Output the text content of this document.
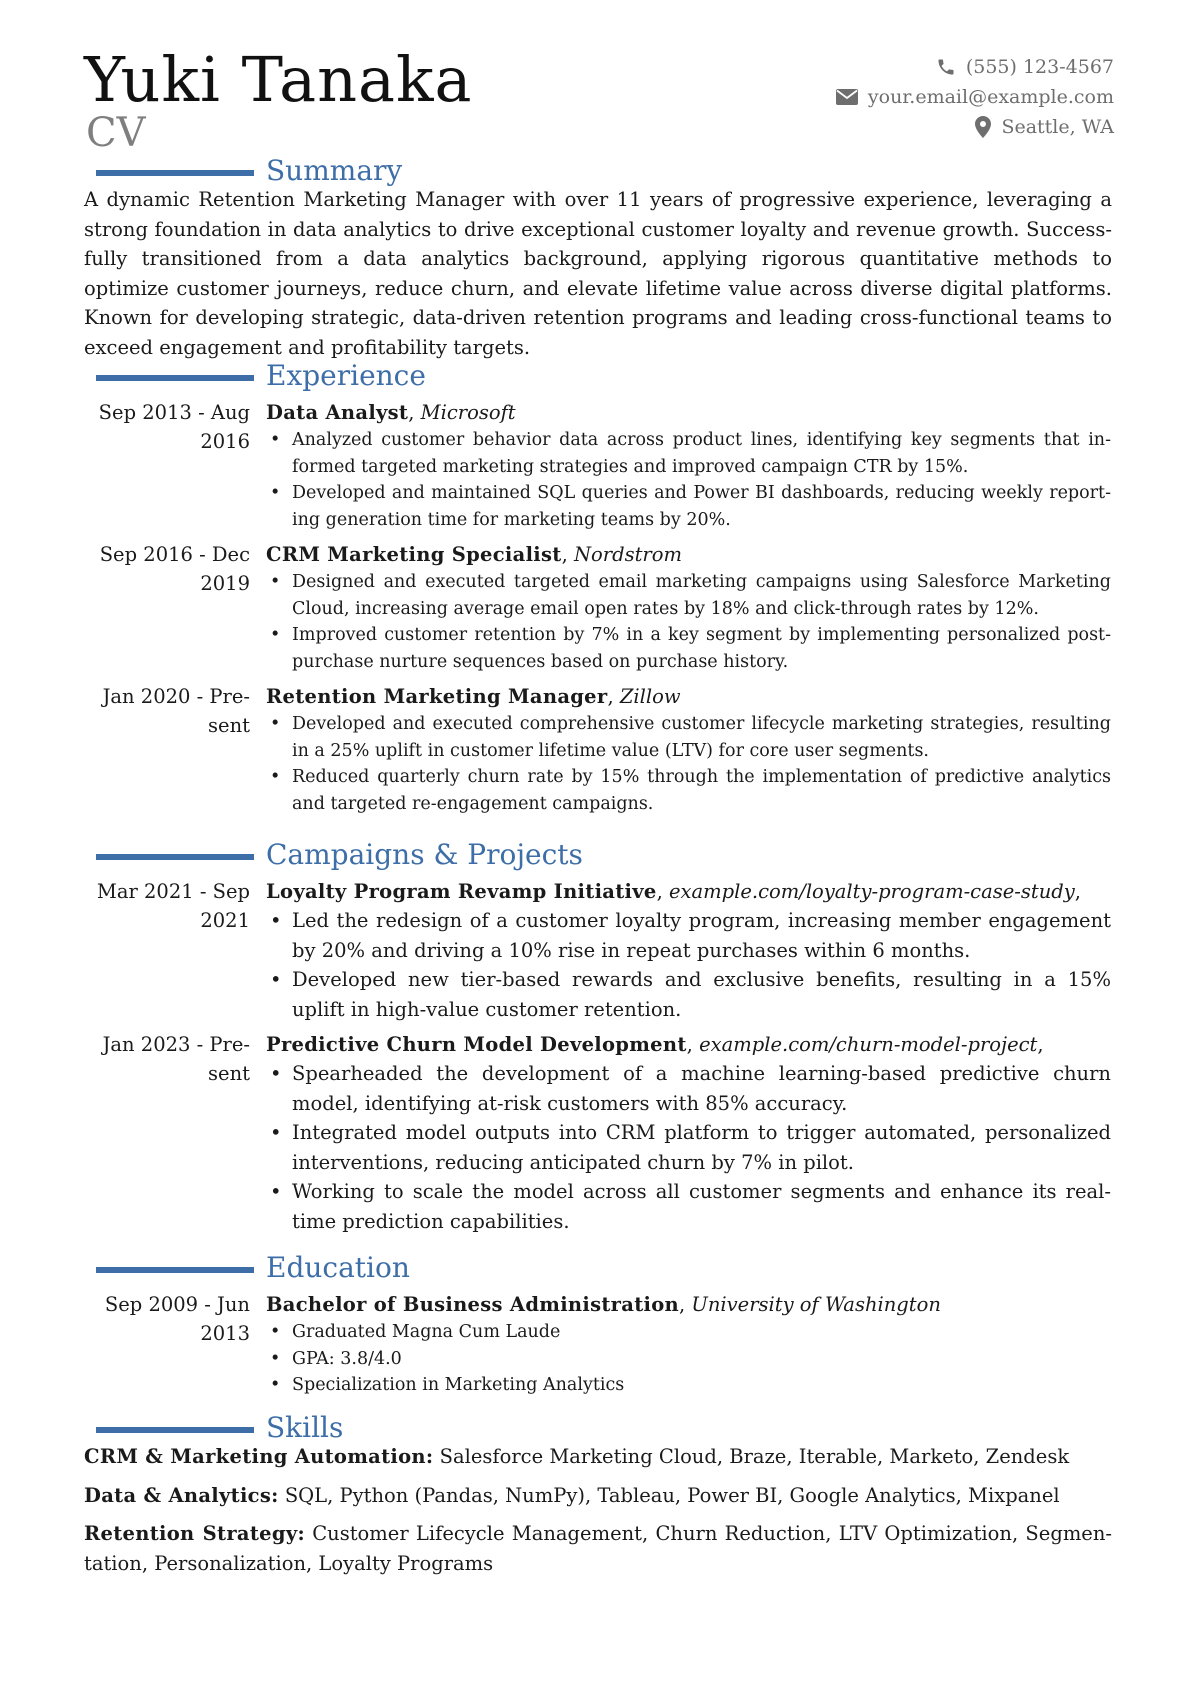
Yuki Tanaka
CV
(555) 123-4567
your.email@example.com
Seattle, WA
Summary

A dynamic Retention Marketing Manager with over 11 years of progressive experience, leveraging a strong foundation in data analytics to drive exceptional customer loyalty and revenue growth. Successfully transitioned from a data analytics background, applying rigorous quantitative methods to optimize customer journeys, reduce churn, and elevate lifetime value across diverse digital platforms. Known for developing strategic, data-driven retention programs and leading cross-functional teams to exceed engagement and profitability targets.

Experience
Sep 2013 - Aug 2016
Data Analyst, Microsoft
• Analyzed customer behavior data across product lines, identifying key segments that informed targeted marketing strategies and improved campaign CTR by 15%.
• Developed and maintained SQL queries and Power BI dashboards, reducing weekly reporting generation time for marketing teams by 20%.
Sep 2016 - Dec 2019
CRM Marketing Specialist, Nordstrom
• Designed and executed targeted email marketing campaigns using Salesforce Marketing Cloud, increasing average email open rates by 18% and click-through rates by 12%.
• Improved customer retention by 7% in a key segment by implementing personalized post-purchase nurture sequences based on purchase history.
Jan 2020 - Present
Retention Marketing Manager, Zillow
• Developed and executed comprehensive customer lifecycle marketing strategies, resulting in a 25% uplift in customer lifetime value (LTV) for core user segments.
• Reduced quarterly churn rate by 15% through the implementation of predictive analytics and targeted re-engagement campaigns.
Campaigns & Projects
Mar 2021 - Sep 2021
Loyalty Program Revamp Initiative, example.com/loyalty-program-case-study,
• Led the redesign of a customer loyalty program, increasing member engagement by 20% and driving a 10% rise in repeat purchases within 6 months.
• Developed new tier-based rewards and exclusive benefits, resulting in a 15% uplift in high-value customer retention.
Jan 2023 - Present
Predictive Churn Model Development, example.com/churn-model-project,
• Spearheaded the development of a machine learning-based predictive churn model, identifying at-risk customers with 85% accuracy.
• Integrated model outputs into CRM platform to trigger automated, personalized interventions, reducing anticipated churn by 7% in pilot.
• Working to scale the model across all customer segments and enhance its real-time prediction capabilities.
Education
Sep 2009 - Jun 2013
Bachelor of Business Administration, University of Washington
• Graduated Magna Cum Laude
• GPA: 3.8/4.0
• Specialization in Marketing Analytics
Skills
CRM & Marketing Automation: Salesforce Marketing Cloud, Braze, Iterable, Marketo, Zendesk
Data & Analytics: SQL, Python (Pandas, NumPy), Tableau, Power BI, Google Analytics, Mixpanel
Retention Strategy: Customer Lifecycle Management, Churn Reduction, LTV Optimization, Segmentation, Personalization, Loyalty Programs
